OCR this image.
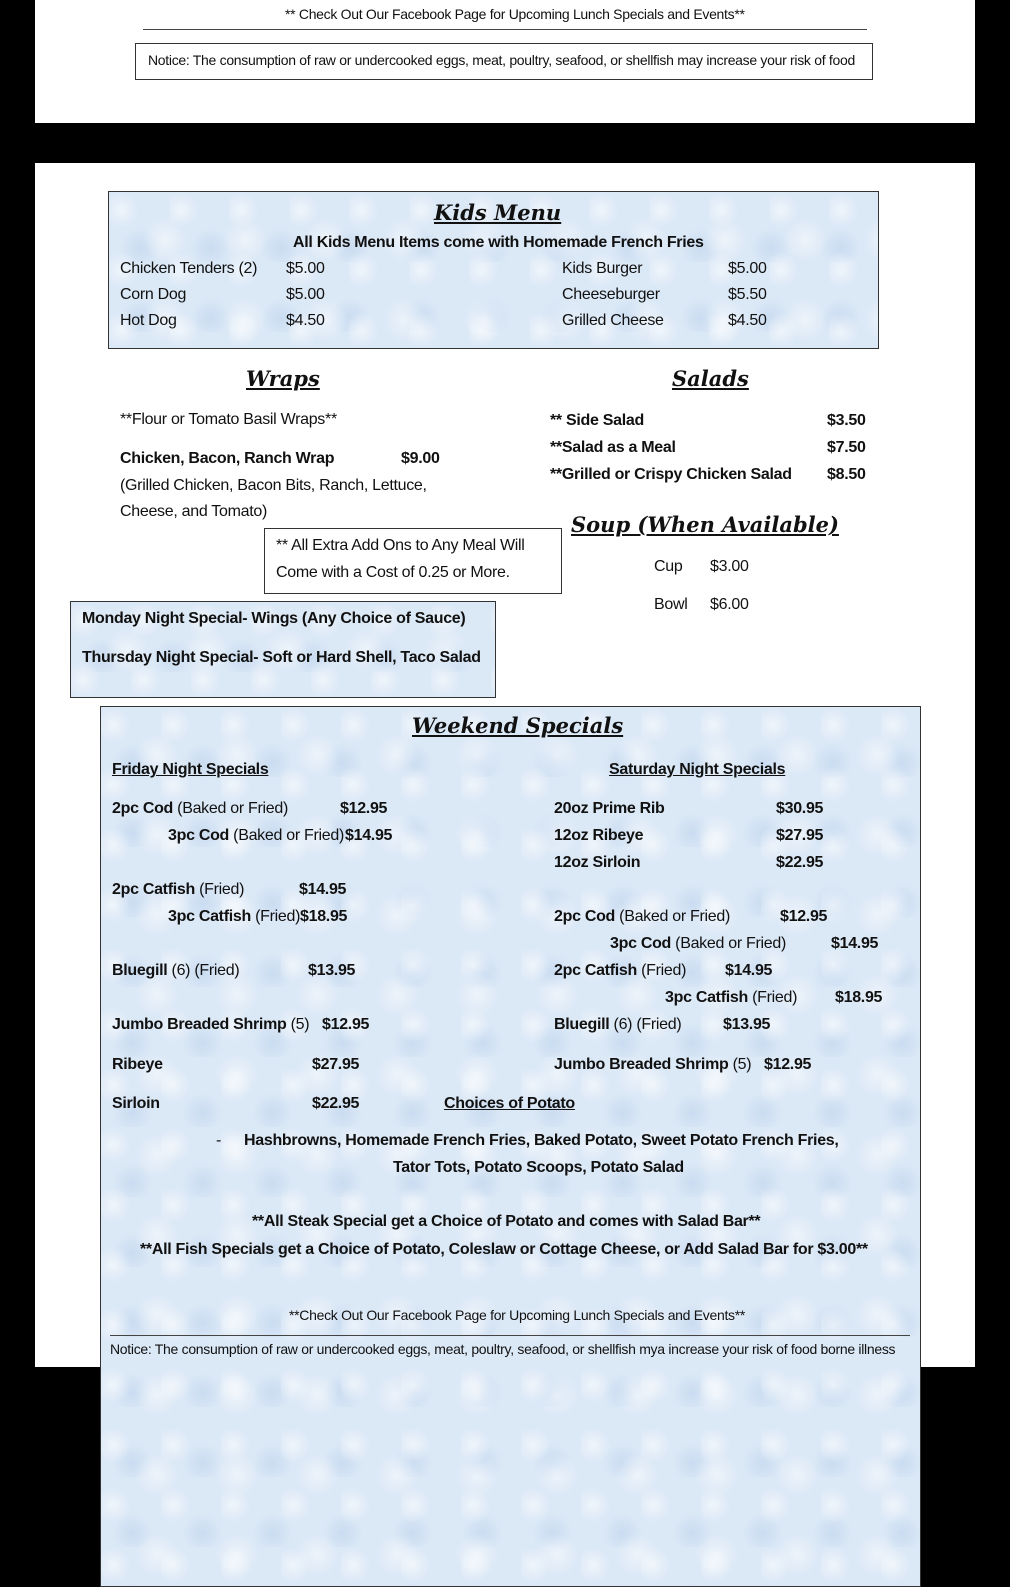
** Check Out Our Facebook Page for Upcoming Lunch Specials and Events**
Notice: The consumption of raw or undercooked eggs, meat, poultry, seafood, or shellfish may increase your risk of food
Kids Menu
All Kids Menu Items come with Homemade French Fries
Chicken Tenders (2) $5.00
Corn Dog	$5.00
Hot Dog	$4.50
Kids Burger	$5.00
Cheeseburger	$5.50
Grilled Cheese	$4.50
Wraps
**Flour or Tomato Basil Wraps**
Chicken, Bacon, Ranch Wrap	$9.00
(Grilled Chicken, Bacon Bits, Ranch, Lettuce,
Cheese, and Tomato)
** All Extra Add Ons to Any Meal Will
Come with a Cost of 0.25 or More.
Salads
** Side Salad	$3.50
**Salad as a Meal	$7.50
**Grilled or Crispy Chicken Salad $8.50
Soup (When Available)
Cup $3.00
Bowl $6.00
Monday Night Special- Wings (Any Choice of Sauce)
Thursday Night Special- Soft or Hard Shell, Taco Salad
Weekend Specials
Friday Night Specials
2pc Cod (Baked or Fried)	$12.95
3pc Cod (Baked or Fried) $14.95
2pc Catfish (Fried)	$14.95
3pc Catfish (Fried) $18.95
Bluegill (6) (Fried)	$13.95
Jumbo Breaded Shrimp (5) $12.95
Ribeye	$27.95
Sirloin	$22.95
Saturday Night Specials
20oz Prime Rib	$30.95
12oz Ribeye	$27.95
12oz Sirloin	$22.95
2pc Cod (Baked or Fried)	$12.95
3pc Cod (Baked or Fried)	$14.95
2pc Catfish (Fried) $14.95
3pc Catfish (Fried) $18.95
Bluegill (6) (Fried)	$13.95
Jumbo Breaded Shrimp (5) $12.95
Choices of Potato
- Hashbrowns, Homemade French Fries, Baked Potato, Sweet Potato French Fries,
Tator Tots, Potato Scoops, Potato Salad
**All Steak Special get a Choice of Potato and comes with Salad Bar**
**All Fish Specials get a Choice of Potato, Coleslaw or Cottage Cheese, or Add Salad Bar for $3.00**
**Check Out Our Facebook Page for Upcoming Lunch Specials and Events**
Notice: The consumption of raw or undercooked eggs, meat, poultry, seafood, or shellfish mya increase your risk of food borne illness
